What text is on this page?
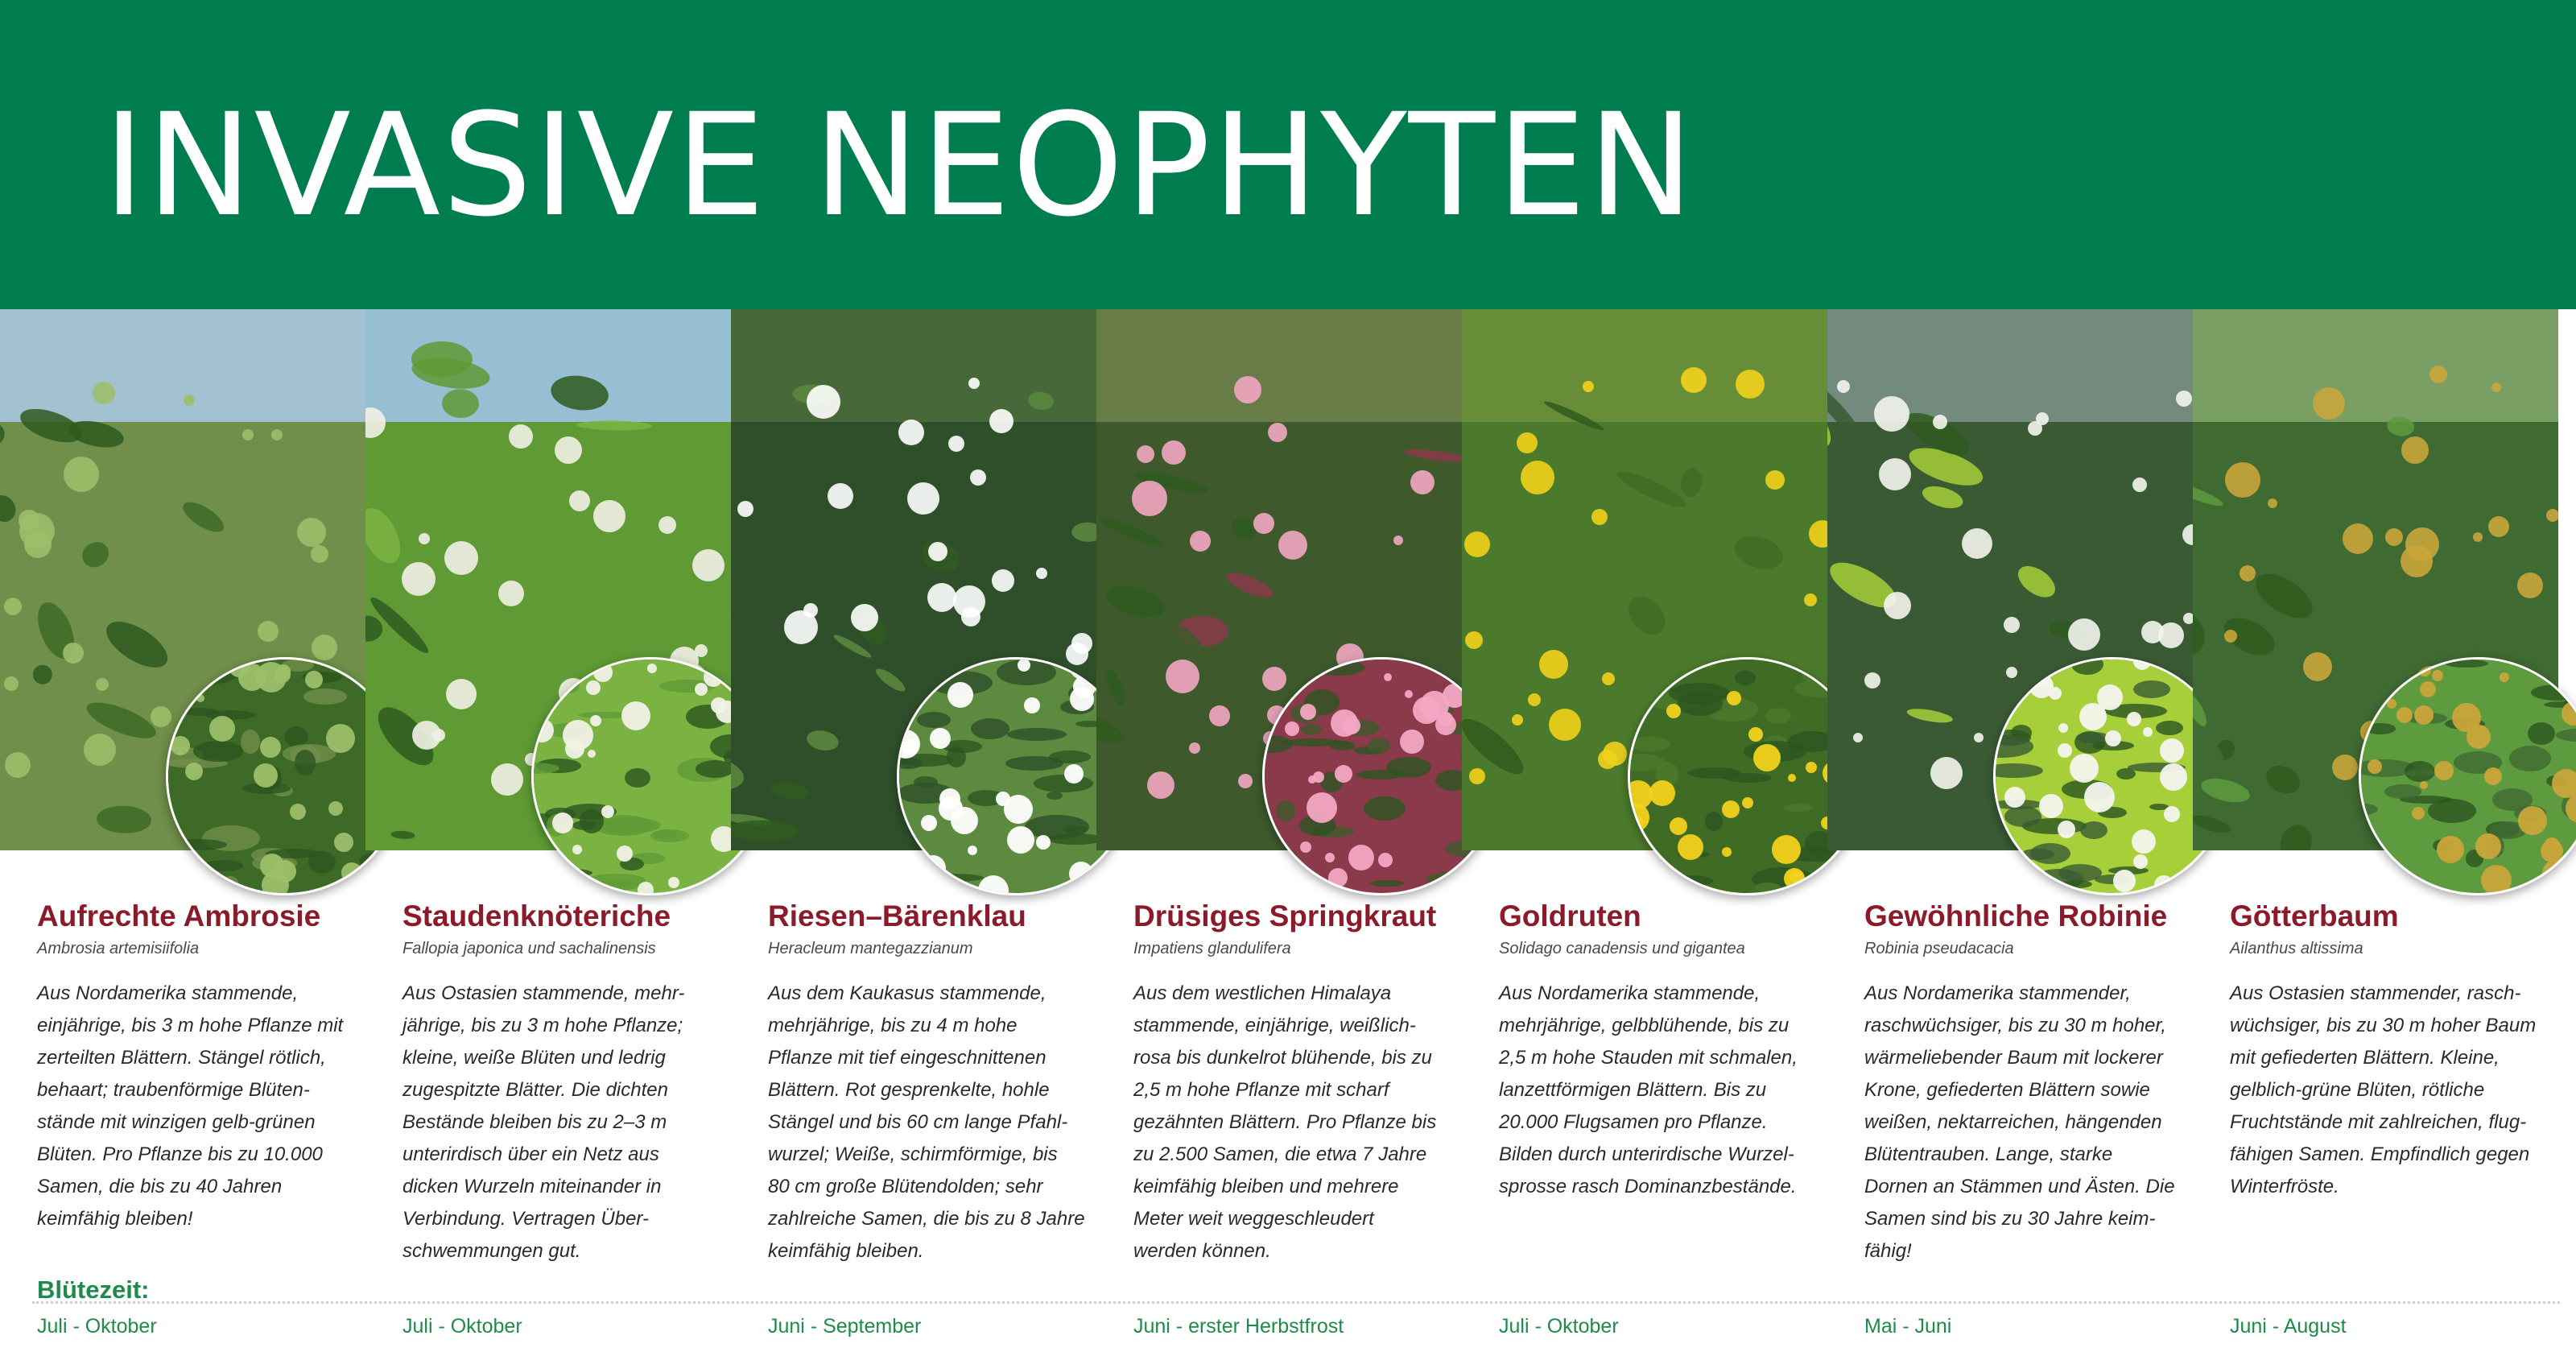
INVASIVE NEOPHYTEN
Aufrechte Ambrosie

Ambrosia artemisiifolia

Aus Nordamerika stammende,
einjährige, bis 3 m hohe Pflanze mit
zerteilten Blättern. Stängel rötlich,
behaart; traubenförmige Blüten-
stände mit winzigen gelb-grünen
Blüten. Pro Pflanze bis zu 10.000
Samen, die bis zu 40 Jahren
keimfähig bleiben!

Juli - Oktober

Staudenknöteriche

Fallopia japonica und sachalinensis

Aus Ostasien stammende, mehr-
jährige, bis zu 3 m hohe Pflanze;
kleine, weiße Blüten und ledrig
zugespitzte Blätter. Die dichten
Bestände bleiben bis zu 2–3 m
unterirdisch über ein Netz aus
dicken Wurzeln miteinander in
Verbindung. Vertragen Über-
schwemmungen gut.

Juli - Oktober

Riesen–Bärenklau

Heracleum mantegazzianum

Aus dem Kaukasus stammende,
mehrjährige, bis zu 4 m hohe
Pflanze mit tief eingeschnittenen
Blättern. Rot gesprenkelte, hohle
Stängel und bis 60 cm lange Pfahl-
wurzel; Weiße, schirmförmige, bis
80 cm große Blütendolden; sehr
zahlreiche Samen, die bis zu 8 Jahre
keimfähig bleiben.

Juni - September

Drüsiges Springkraut

Impatiens glandulifera

Aus dem westlichen Himalaya
stammende, einjährige, weißlich-
rosa bis dunkelrot blühende, bis zu
2,5 m hohe Pflanze mit scharf
gezähnten Blättern. Pro Pflanze bis
zu 2.500 Samen, die etwa 7 Jahre
keimfähig bleiben und mehrere
Meter weit weggeschleudert
werden können.

Juni - erster Herbstfrost

Goldruten

Solidago canadensis und gigantea

Aus Nordamerika stammende,
mehrjährige, gelbblühende, bis zu
2,5 m hohe Stauden mit schmalen,
lanzettförmigen Blättern. Bis zu
20.000 Flugsamen pro Pflanze.
Bilden durch unterirdische Wurzel-
sprosse rasch Dominanzbestände.

Juli - Oktober

Gewöhnliche Robinie

Robinia pseudacacia

Aus Nordamerika stammender,
raschwüchsiger, bis zu 30 m hoher,
wärmeliebender Baum mit lockerer
Krone, gefiederten Blättern sowie
weißen, nektarreichen, hängenden
Blütentrauben. Lange, starke
Dornen an Stämmen und Ästen. Die
Samen sind bis zu 30 Jahre keim-
fähig!

Mai - Juni

Götterbaum

Ailanthus altissima

Aus Ostasien stammender, rasch-
wüchsiger, bis zu 30 m hoher Baum
mit gefiederten Blättern. Kleine,
gelblich-grüne Blüten, rötliche
Fruchtstände mit zahlreichen, flug-
fähigen Samen. Empfindlich gegen
Winterfröste.

Juni - August

Blütezeit:
